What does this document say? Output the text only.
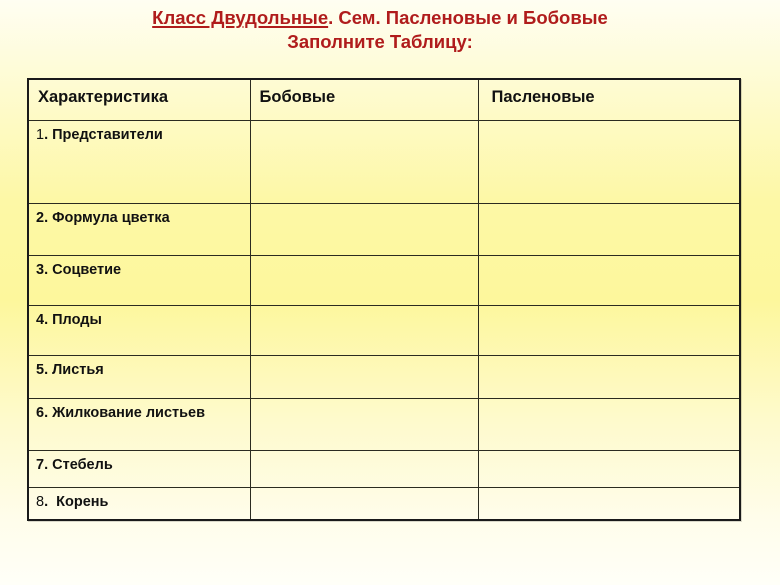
Класс Двудольные. Сем. Пасленовые и Бобовые
Заполните Таблицу:
Характеристика	Бобовые	Пасленовые
1. Представители		
2. Формула цветка		
3. Соцветие		
4. Плоды		
5. Листья		
6. Жилкование листьев		
7. Стебель		
8.  Корень		
